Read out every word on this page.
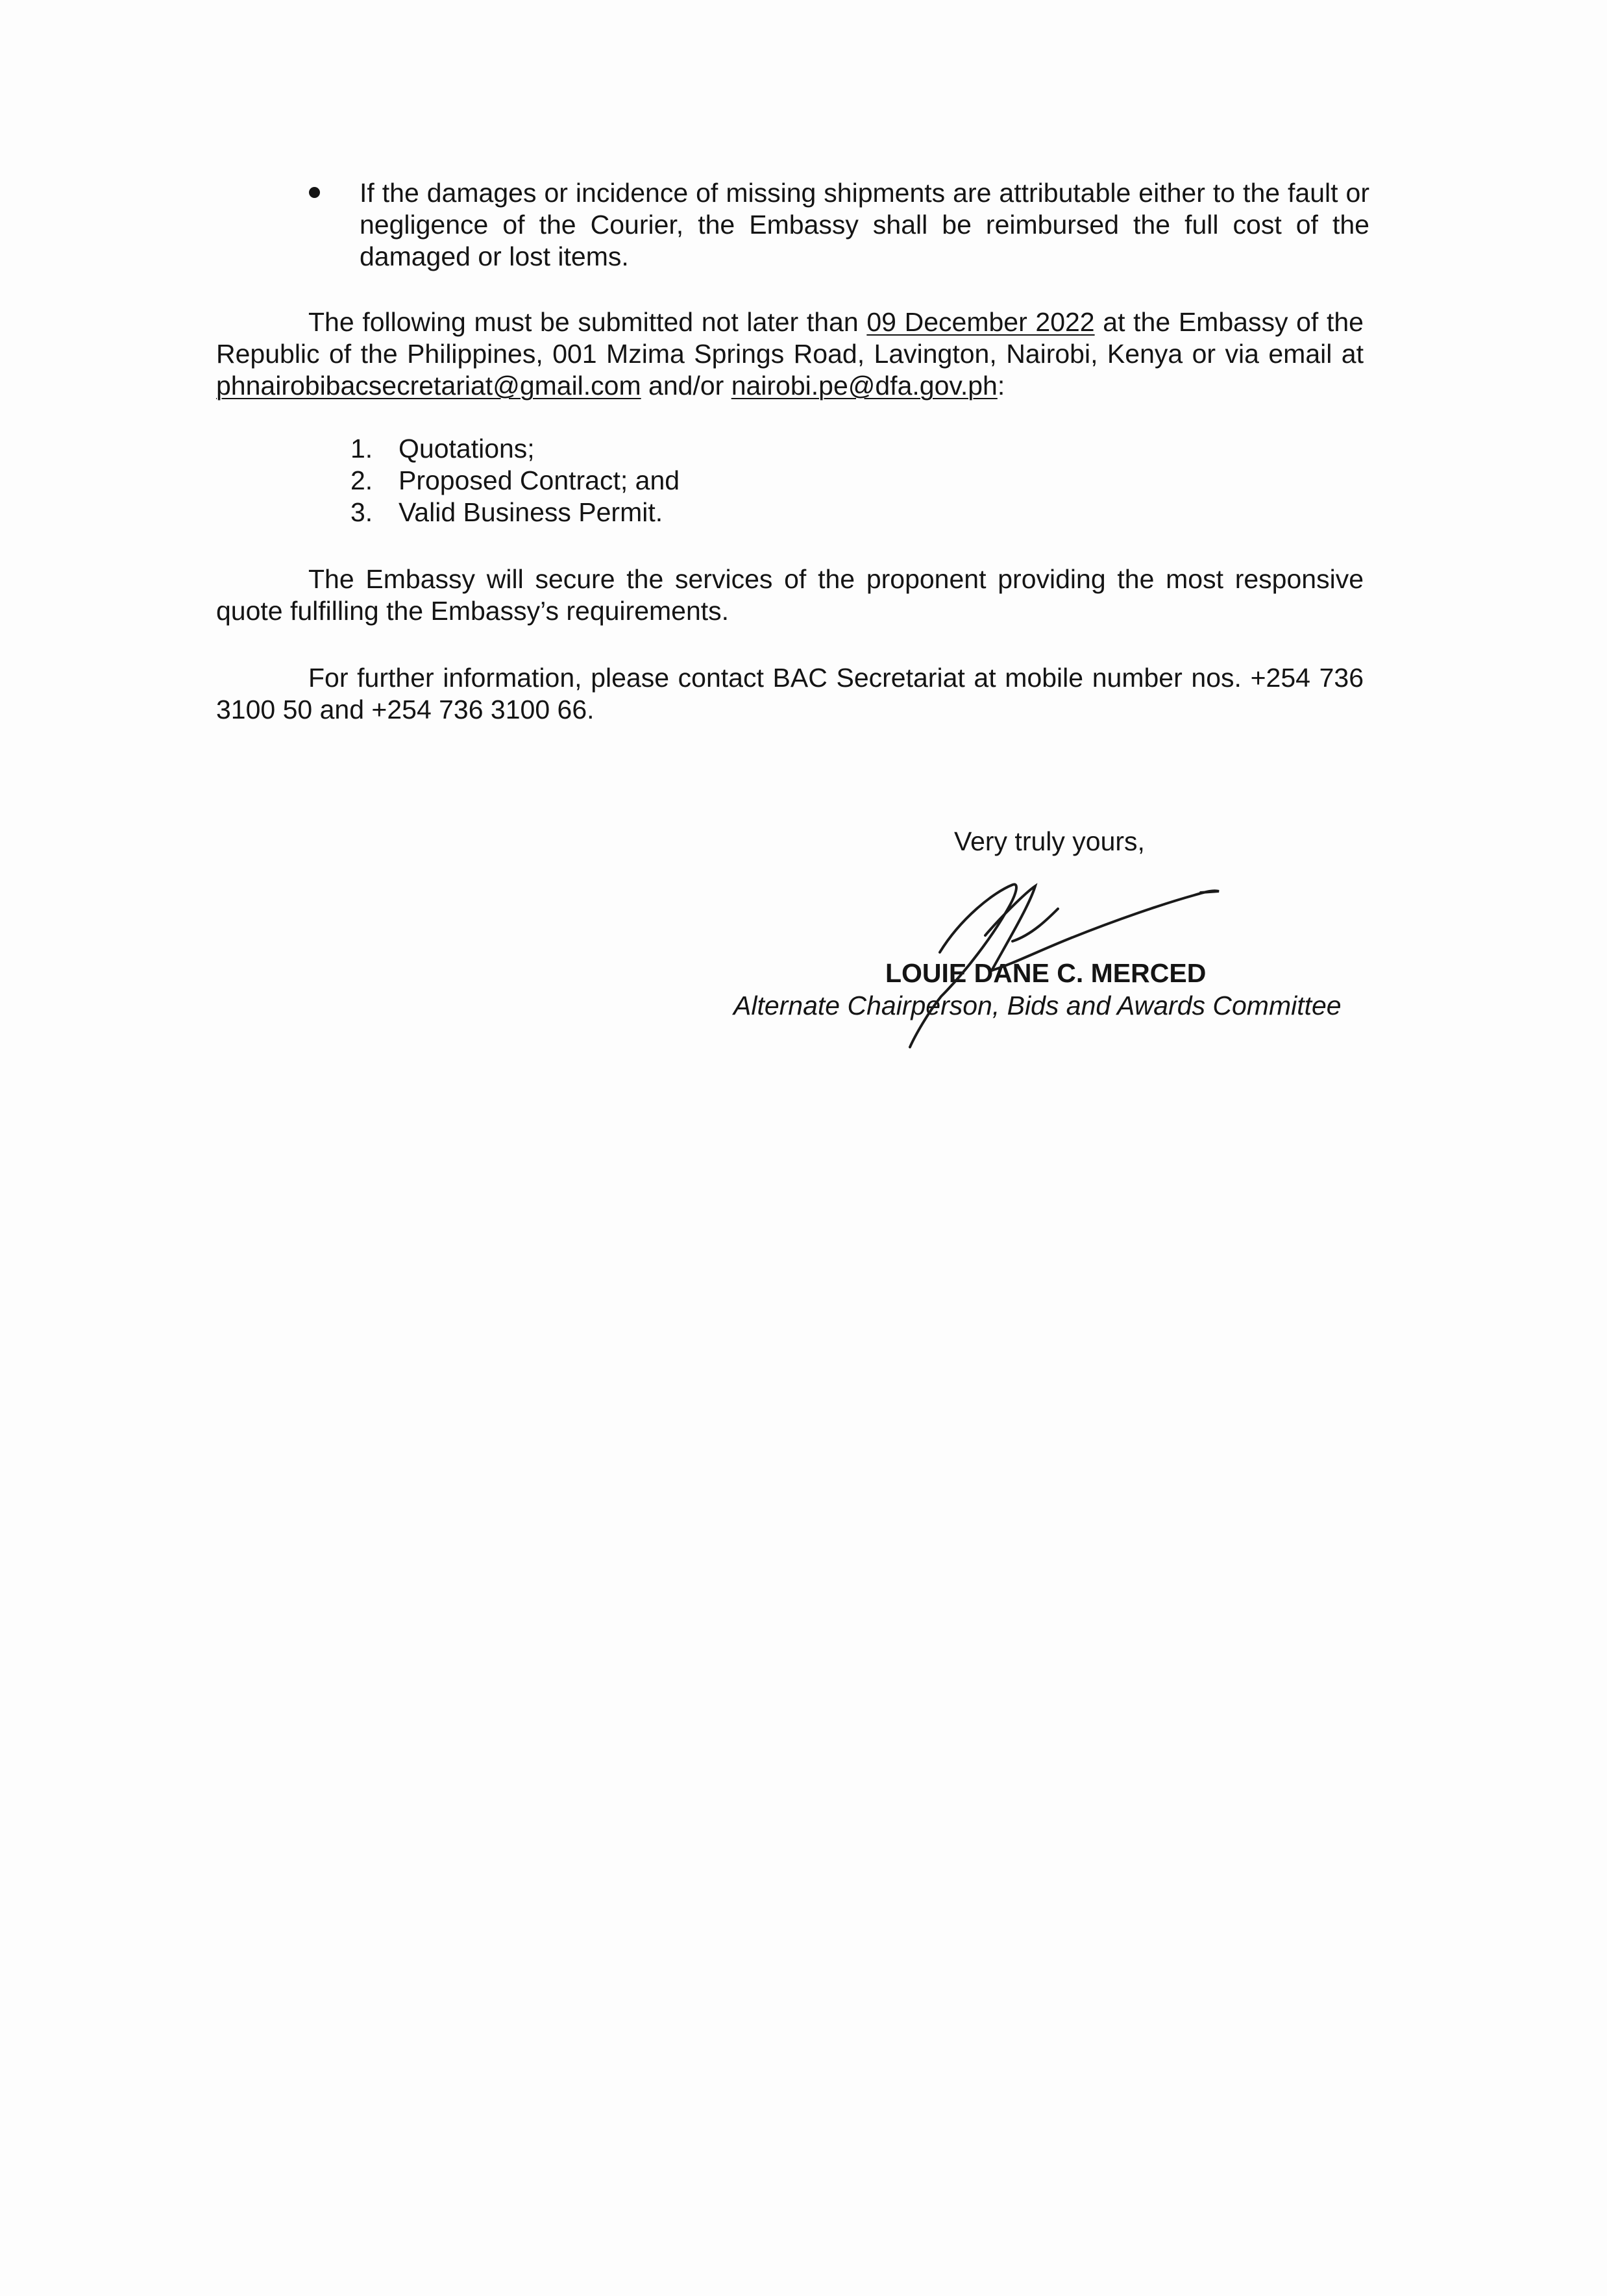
If the damages or incidence of missing shipments are attributable either to the fault or negligence of the Courier, the Embassy shall be reimbursed the full cost of the damaged or lost items.
The following must be submitted not later than 09 December 2022 at the Embassy of the Republic of the Philippines, 001 Mzima Springs Road, Lavington, Nairobi, Kenya or via email at phnairobibacsecretariat@gmail.com and/or nairobi.pe@dfa.gov.ph:
1. Quotations;
2. Proposed Contract; and
3. Valid Business Permit.
The Embassy will secure the services of the proponent providing the most responsive quote fulfilling the Embassy’s requirements.
For further information, please contact BAC Secretariat at mobile number nos. +254 736 3100 50 and +254 736 3100 66.
Very truly yours,
LOUIE DANE C. MERCED
Alternate Chairperson, Bids and Awards Committee
